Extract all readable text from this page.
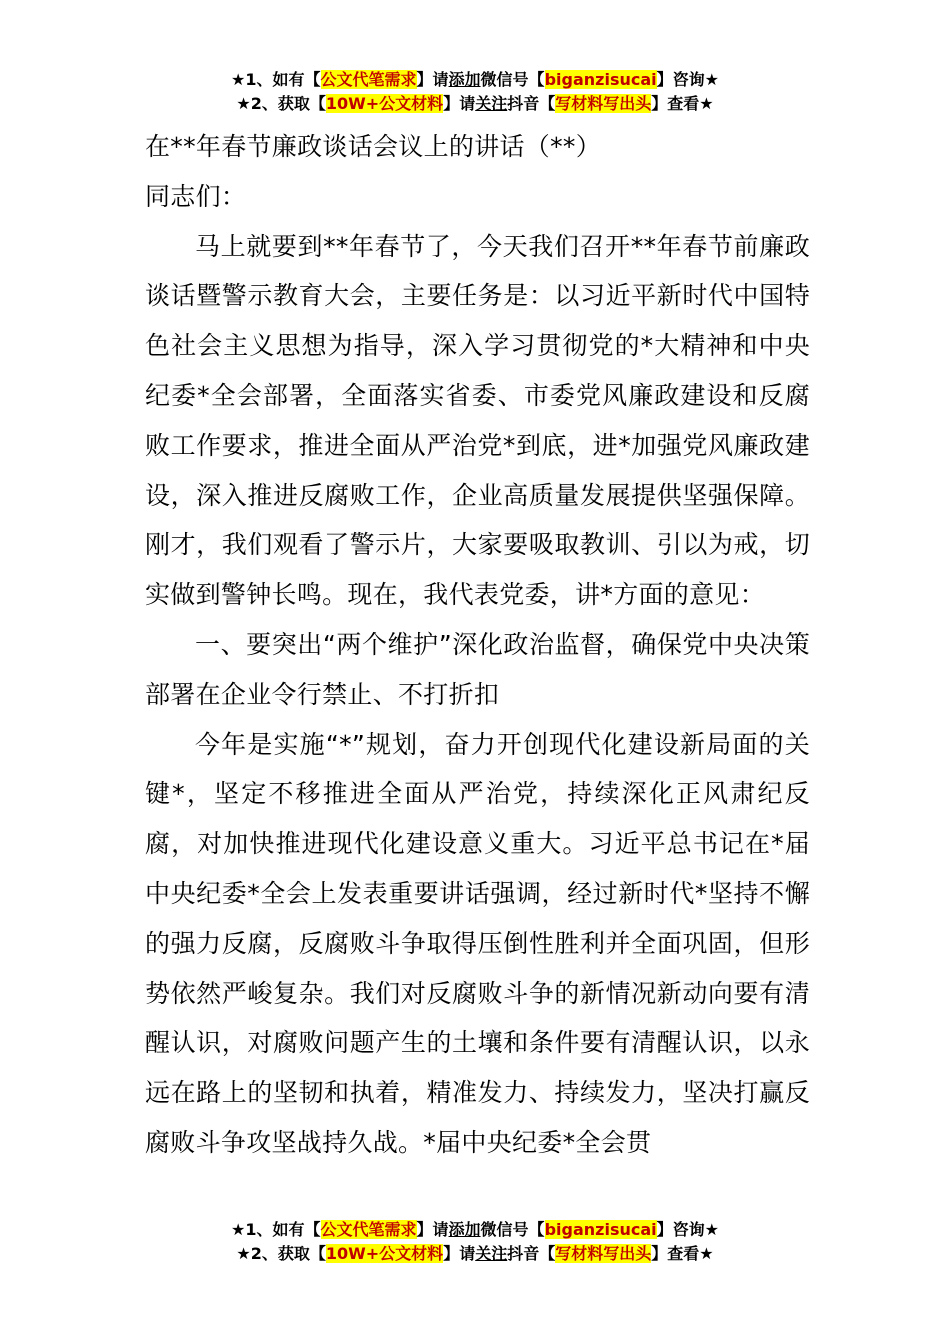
★1、如有【公文代笔需求】请添加微信号【biganzisucai】咨询★
★2、获取【10W+公文材料】请关注抖音【写材料写出头】查看★

在**年春节廉政谈话会议上的讲话（**）

同志们：

马上就要到**年春节了，今天我们召开**年春节前廉政谈话暨警示教育大会，主要任务是：以习近平新时代中国特色社会主义思想为指导，深入学习贯彻党的*大精神和中央纪委*全会部署，全面落实省委、市委党风廉政建设和反腐败工作要求，推进全面从严治党*到底，进*加强党风廉政建设，深入推进反腐败工作，企业高质量发展提供坚强保障。刚才，我们观看了警示片，大家要吸取教训、引以为戒，切实做到警钟长鸣。现在，我代表党委，讲*方面的意见：

一、要突出“两个维护”深化政治监督，确保党中央决策部署在企业令行禁止、不打折扣

今年是实施“*”规划，奋力开创现代化建设新局面的关键*，坚定不移推进全面从严治党，持续深化正风肃纪反腐，对加快推进现代化建设意义重大。习近平总书记在*届中央纪委*全会上发表重要讲话强调，经过新时代*坚持不懈的强力反腐，反腐败斗争取得压倒性胜利并全面巩固，但形势依然严峻复杂。我们对反腐败斗争的新情况新动向要有清醒认识，对腐败问题产生的土壤和条件要有清醒认识，以永远在路上的坚韧和执着，精准发力、持续发力，坚决打赢反腐败斗争攻坚战持久战。*届中央纪委*全会贯

★1、如有【公文代笔需求】请添加微信号【biganzisucai】咨询★
★2、获取【10W+公文材料】请关注抖音【写材料写出头】查看★
